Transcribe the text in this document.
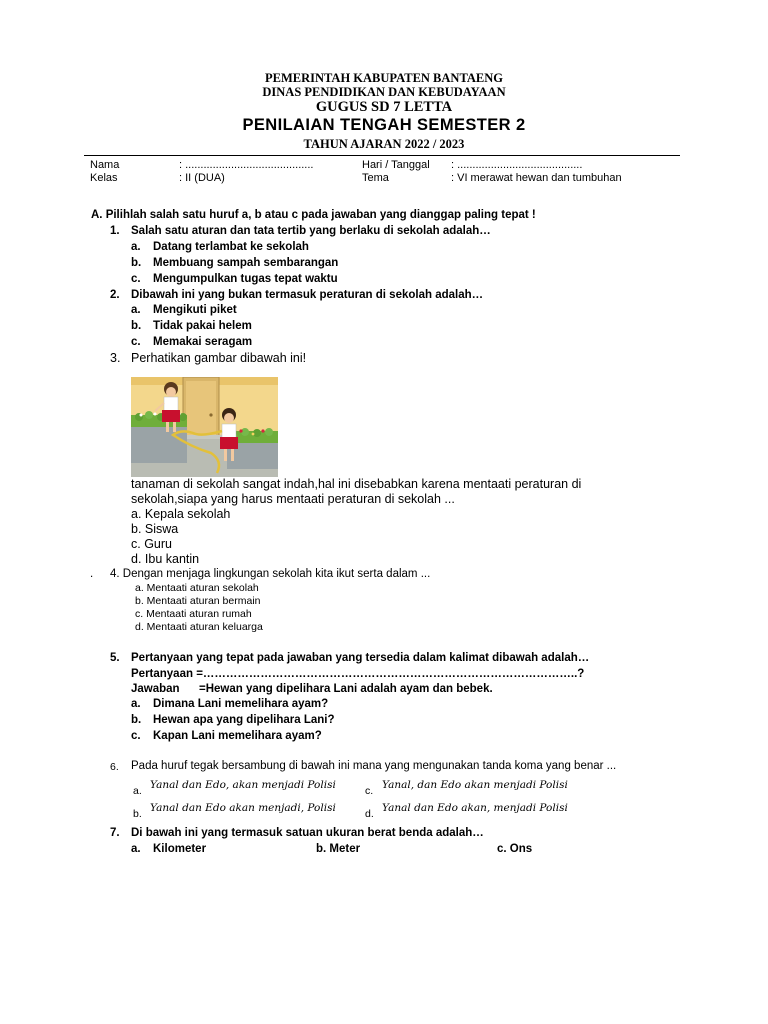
PEMERINTAH KABUPATEN BANTAENG
DINAS PENDIDIKAN DAN KEBUDAYAAN
GUGUS SD 7 LETTA
PENILAIAN TENGAH SEMESTER 2
TAHUN AJARAN 2022 / 2023
Nama	: ..........................................	Hari / Tanggal : .........................................
Kelas	: II (DUA)	Tema	: VI merawat hewan dan tumbuhan
A. Pilihlah salah satu huruf a, b atau c pada jawaban yang dianggap paling tepat !
1. Salah satu aturan dan tata tertib yang berlaku di sekolah adalah…
a. Datang terlambat ke sekolah
b. Membuang sampah sembarangan
c. Mengumpulkan tugas tepat waktu
2. Dibawah ini yang bukan termasuk peraturan di sekolah adalah…
a. Mengikuti piket
b. Tidak pakai helem
c. Memakai seragam
3. Perhatikan gambar dibawah ini!
tanaman di sekolah sangat indah,hal ini disebabkan karena mentaati peraturan di
sekolah,siapa yang harus mentaati peraturan di sekolah ...
a. Kepala sekolah
b. Siswa
c. Guru
d. Ibu kantin
. 4. Dengan menjaga lingkungan sekolah kita ikut serta dalam ...
a. Mentaati aturan sekolah
b. Mentaati aturan bermain
c. Mentaati aturan rumah
d. Mentaati aturan keluarga
5. Pertanyaan yang tepat pada jawaban yang tersedia dalam kalimat dibawah adalah…
Pertanyaan =……………………………………………………………………………………..?
Jawaban =Hewan yang dipelihara Lani adalah ayam dan bebek.
a. Dimana Lani memelihara ayam?
b. Hewan apa yang dipelihara Lani?
c. Kapan Lani memelihara ayam?
6. Pada huruf tegak bersambung di bawah ini mana yang mengunakan tanda koma yang benar ...
a. Yanal dan Edo, akan menjadi Polisi	c. Yanal, dan Edo akan menjadi Polisi
b. Yanal dan Edo akan menjadi, Polisi	d. Yanal dan Edo akan, menjadi Polisi
7. Di bawah ini yang termasuk satuan ukuran berat benda adalah…
a. Kilometer	b. Meter	c. Ons
